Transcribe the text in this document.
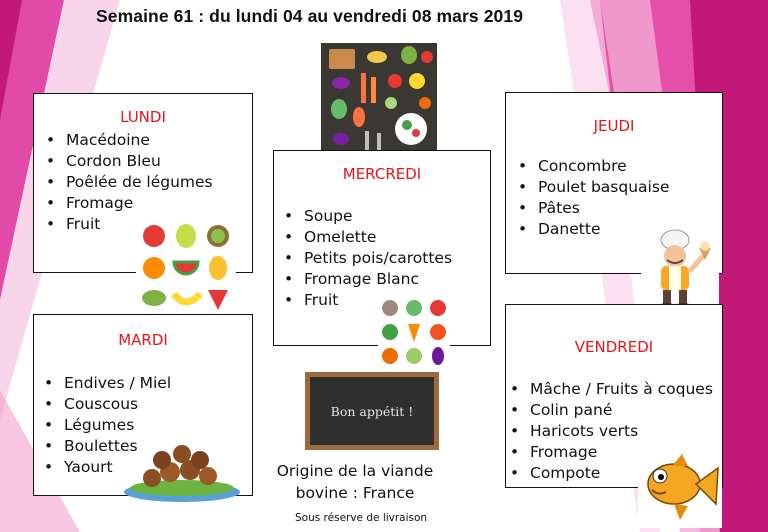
Semaine 61 : du lundi 04 au vendredi 08 mars 2019
LUNDI
• Macédoine
• Cordon Bleu
• Poêlée de légumes
• Fromage
• Fruit
MARDI
• Endives / Miel
• Couscous
• Légumes
• Boulettes
• Yaourt
MERCREDI
• Soupe
• Omelette
• Petits pois/carottes
• Fromage Blanc
• Fruit
Bon appétit !
Origine de la viande
bovine : France
JEUDI
• Concombre
• Poulet basquaise
• Pâtes
• Danette
VENDREDI
• Mâche / Fruits à coques
• Colin pané
• Haricots verts
• Fromage
• Compote
Sous réserve de livraison
